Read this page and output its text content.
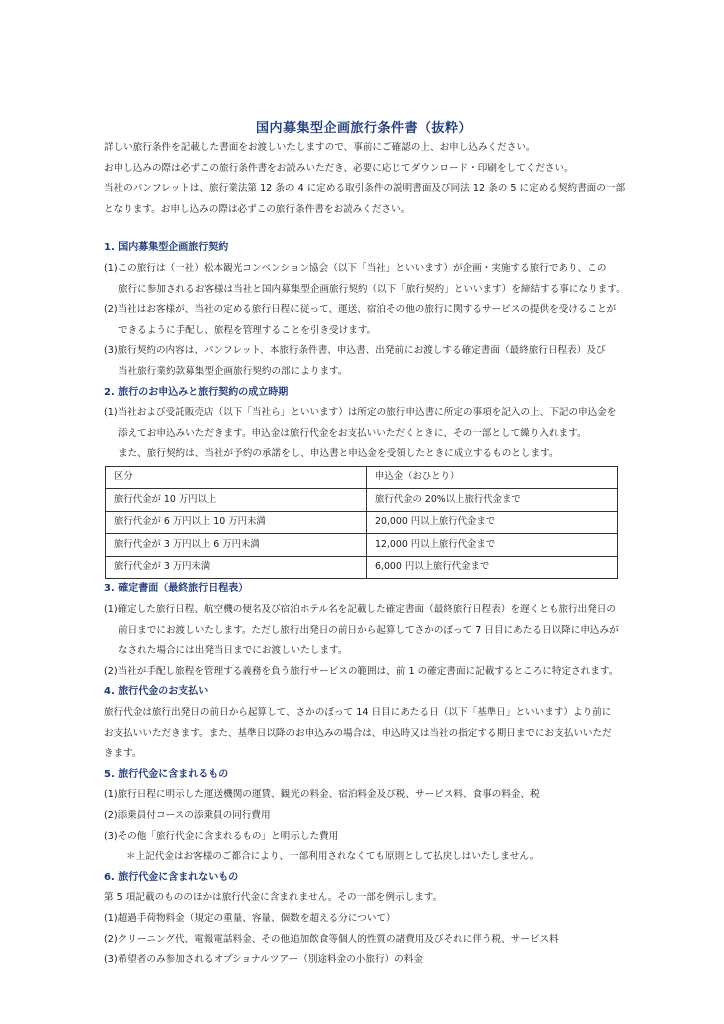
国内募集型企画旅行条件書（抜粋）

詳しい旅行条件を記載した書面をお渡しいたしますので、事前にご確認の上、お申し込みください。

お申し込みの際は必ずこの旅行条件書をお読みいただき、必要に応じてダウンロード・印刷をしてください。

当社のパンフレットは、旅行業法第 12 条の 4 に定める取引条件の説明書面及び同法 12 条の 5 に定める契約書面の一部

となります。お申し込みの際は必ずこの旅行条件書をお読みください。

1. 国内募集型企画旅行契約

(1)この旅行は（一社）松本観光コンベンション協会（以下「当社」といいます）が企画・実施する旅行であり、この

旅行に参加されるお客様は当社と国内募集型企画旅行契約（以下「旅行契約」といいます）を締結する事になります。

(2)当社はお客様が、当社の定める旅行日程に従って、運送、宿泊その他の旅行に関するサービスの提供を受けることが

できるように手配し、旅程を管理することを引き受けます。

(3)旅行契約の内容は、パンフレット、本旅行条件書、申込書、出発前にお渡しする確定書面（最終旅行日程表）及び

当社旅行業約款募集型企画旅行契約の部によります。

2. 旅行のお申込みと旅行契約の成立時期

(1)当社および受託販売店（以下「当社ら」といいます）は所定の旅行申込書に所定の事項を記入の上、下記の申込金を

添えてお申込みいただきます。申込金は旅行代金をお支払いいただくときに、その一部として繰り入れます。

また、旅行契約は、当社が予約の承諾をし、申込書と申込金を受領したときに成立するものとします。

区分	申込金（おひとり）
旅行代金が 10 万円以上	旅行代金の 20%以上旅行代金まで
旅行代金が 6 万円以上 10 万円未満	20,000 円以上旅行代金まで
旅行代金が 3 万円以上 6 万円未満	12,000 円以上旅行代金まで
旅行代金が 3 万円未満	6,000 円以上旅行代金まで

3. 確定書面（最終旅行日程表）

(1)確定した旅行日程、航空機の便名及び宿泊ホテル名を記載した確定書面（最終旅行日程表）を遅くとも旅行出発日の

前日までにお渡しいたします。ただし旅行出発日の前日から起算してさかのぼって 7 日目にあたる日以降に申込みが

なされた場合には出発当日までにお渡しいたします。

(2)当社が手配し旅程を管理する義務を負う旅行サービスの範囲は、前 1 の確定書面に記載するところに特定されます。

4. 旅行代金のお支払い

旅行代金は旅行出発日の前日から起算して、さかのぼって 14 日目にあたる日（以下「基準日」といいます）より前に

お支払いいただきます。また、基準日以降のお申込みの場合は、申込時又は当社の指定する期日までにお支払いいただ

きます。

5. 旅行代金に含まれるもの

(1)旅行日程に明示した運送機関の運賃、観光の料金、宿泊料金及び税、サービス料、食事の料金、税

(2)添乗員付コースの添乗員の同行費用

(3)その他「旅行代金に含まれるもの」と明示した費用

＊上記代金はお客様のご都合により、一部利用されなくても原則として払戻しはいたしません。

6. 旅行代金に含まれないもの

第 5 項記載のもののほかは旅行代金に含まれません。その一部を例示します。

(1)超過手荷物料金（規定の重量、容量、個数を超える分について）

(2)クリーニング代、電報電話料金、その他追加飲食等個人的性質の諸費用及びそれに伴う税、サービス料

(3)希望者のみ参加されるオプショナルツアー（別途料金の小旅行）の料金
